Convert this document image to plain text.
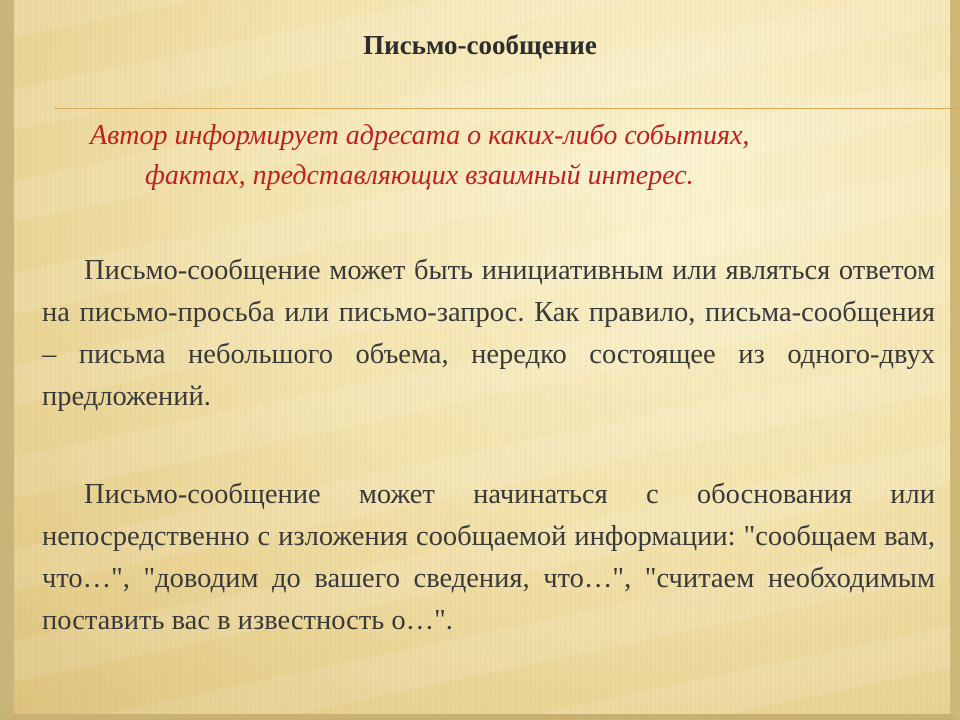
Письмо-сообщение
Автор информирует адресата о каких-либо событиях,
фактах, представляющих взаимный интерес.

Письмо-сообщение может быть инициативным или являться ответом на письмо-просьба или письмо-запрос. Как правило, письма-сообщения – письма небольшого объема, нередко состоящее из одного-двух предложений.

Письмо-сообщение может начинаться с обоснования или непосредственно с изложения сообщаемой информации: "сообщаем вам, что…", "доводим до вашего сведения, что…", "считаем необходимым поставить вас в известность о…".
